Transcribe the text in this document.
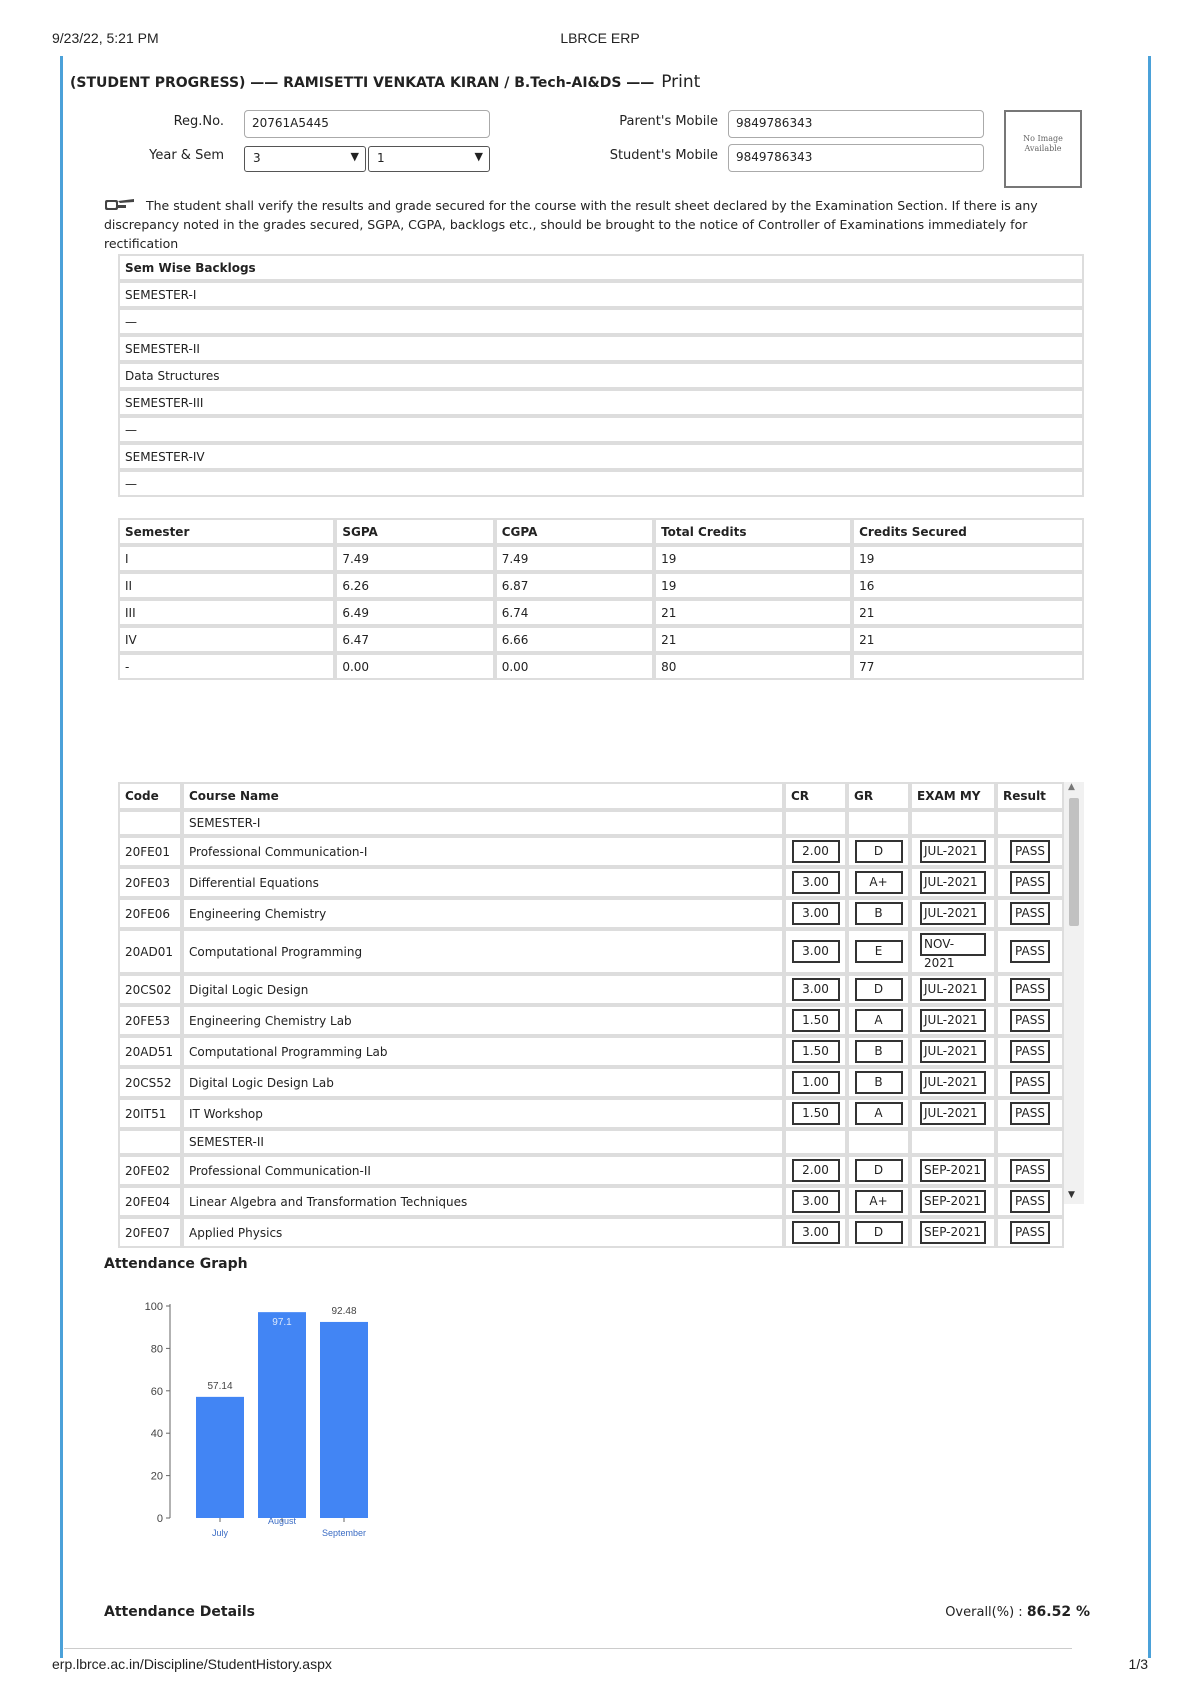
9/23/22, 5:21 PM	LBRCE ERP
(STUDENT PROGRESS) —— RAMISETTI VENKATA KIRAN / B.Tech-AI&DS —— Print
Reg.No.	20761A5445
Year & Sem	3	▼	1	▼
Parent's Mobile	9849786343
Student's Mobile	9849786343
No Image
Available
The student shall verify the results and grade secured for the course with the result sheet declared by the Examination Section. If there is any discrepancy noted in the grades secured, SGPA, CGPA, backlogs etc., should be brought to the notice of Controller of Examinations immediately for rectification
Sem Wise Backlogs
SEMESTER-I
—
SEMESTER-II
Data Structures
SEMESTER-III
—
SEMESTER-IV
—
Semester	SGPA	CGPA	Total Credits	Credits Secured
I	7.49	7.49	19	19
II	6.26	6.87	19	16
III	6.49	6.74	21	21
IV	6.47	6.66	21	21
-	0.00	0.00	80	77
Code	Course Name	CR	GR	EXAM MY	Result
	SEMESTER-I				
20FE01	Professional Communication-I	2.00	D	JUL-2021	PASS
20FE03	Differential Equations	3.00	A+	JUL-2021	PASS
20FE06	Engineering Chemistry	3.00	B	JUL-2021	PASS
20AD01	Computational Programming	3.00	E	NOV-2021	PASS
20CS02	Digital Logic Design	3.00	D	JUL-2021	PASS
20FE53	Engineering Chemistry Lab	1.50	A	JUL-2021	PASS
20AD51	Computational Programming Lab	1.50	B	JUL-2021	PASS
20CS52	Digital Logic Design Lab	1.00	B	JUL-2021	PASS
20IT51	IT Workshop	1.50	A	JUL-2021	PASS
	SEMESTER-II				
20FE02	Professional Communication-II	2.00	D	SEP-2021	PASS
20FE04	Linear Algebra and Transformation Techniques	3.00	A+	SEP-2021	PASS
20FE07	Applied Physics	3.00	D	SEP-2021	PASS
▲
▼
Attendance Graph
0
20
40
60
80
100
57.14
July
97.1
August
92.48
September
Attendance Details	Overall(%) : 86.52 %
erp.lbrce.ac.in/Discipline/StudentHistory.aspx	1/3
